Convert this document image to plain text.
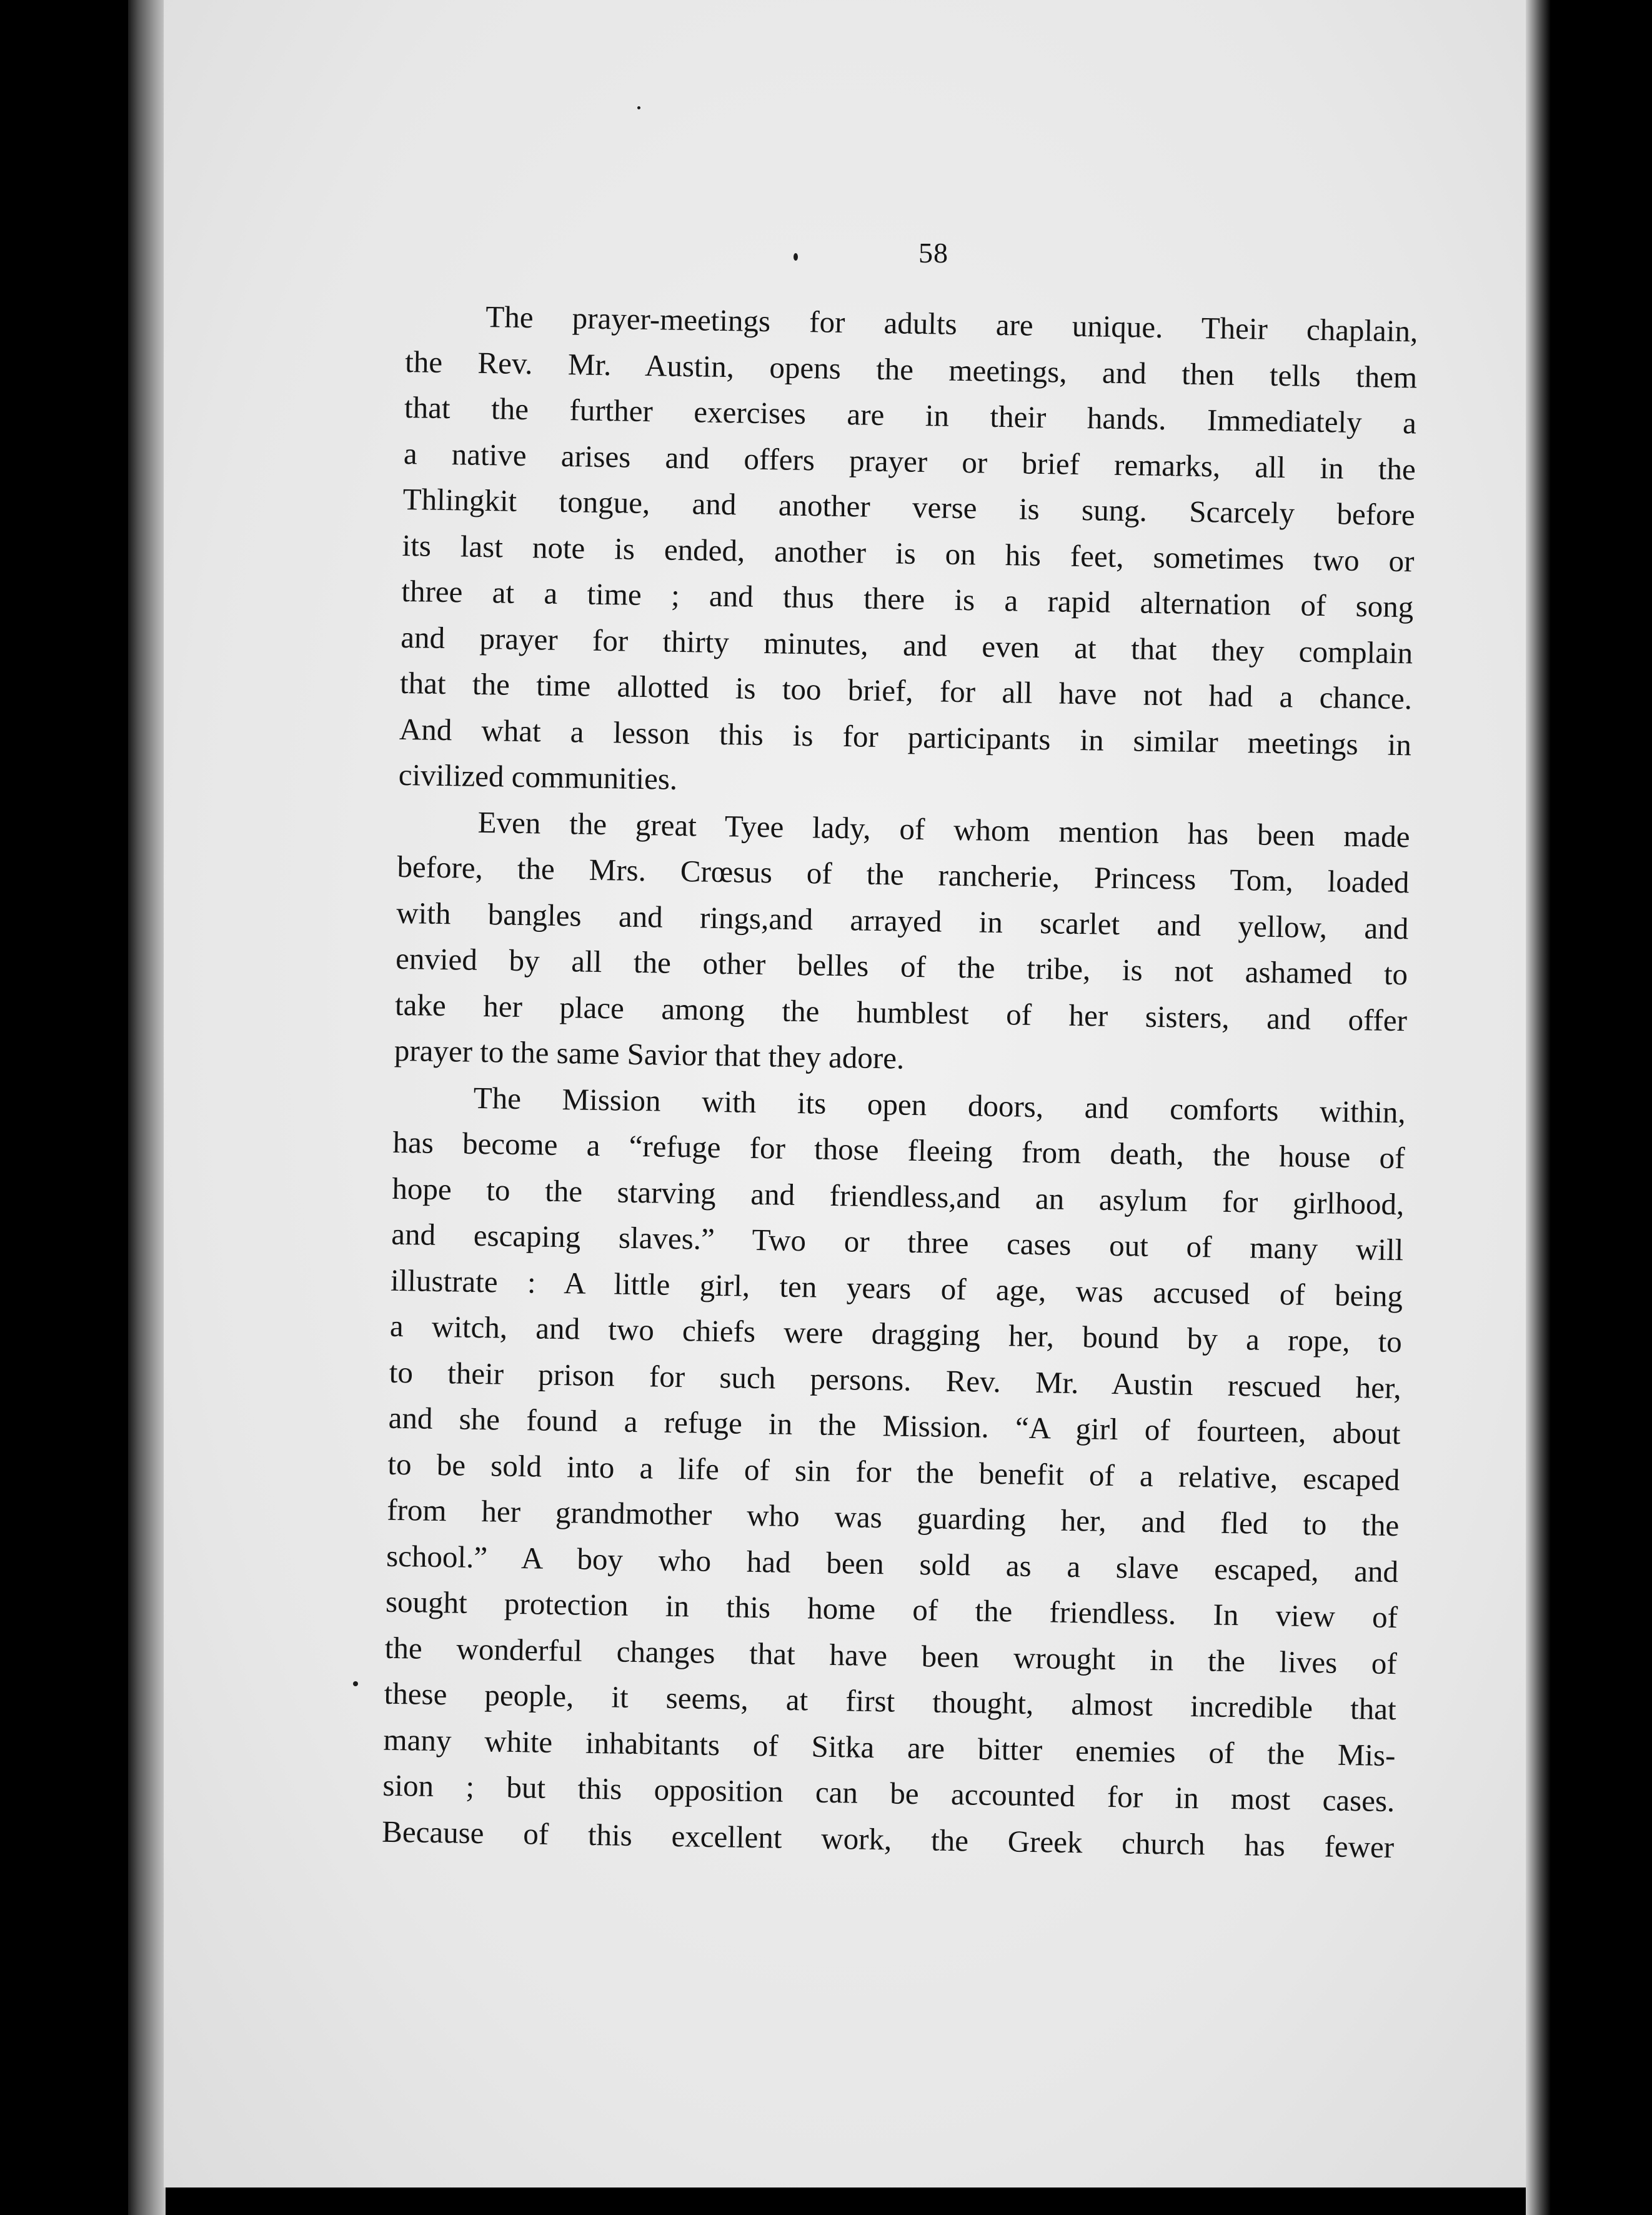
58
The prayer-meetings for adults are unique. Their chaplain,
the Rev. Mr. Austin, opens the meetings, and then tells them
that the further exercises are in their hands. Immediately a
a native arises and offers prayer or brief remarks, all in the
Thlingkit tongue, and another verse is sung. Scarcely before
its last note is ended, another is on his feet, sometimes two or
three at a time ; and thus there is a rapid alternation of song
and prayer for thirty minutes, and even at that they complain
that the time allotted is too brief, for all have not had a chance.
And what a lesson this is for participants in similar meetings in
civilized communities.
Even the great Tyee lady, of whom mention has been made
before, the Mrs. Crœsus of the rancherie, Princess Tom, loaded
with bangles and rings,and arrayed in scarlet and yellow, and
envied by all the other belles of the tribe, is not ashamed to
take her place among the humblest of her sisters, and offer
prayer to the same Savior that they adore.
The Mission with its open doors, and comforts within,
has become a “refuge for those fleeing from death, the house of
hope to the starving and friendless,and an asylum for girlhood,
and escaping slaves.” Two or three cases out of many will
illustrate : A little girl, ten years of age, was accused of being
a witch, and two chiefs were dragging her, bound by a rope, to
to their prison for such persons. Rev. Mr. Austin rescued her,
and she found a refuge in the Mission. “A girl of fourteen, about
to be sold into a life of sin for the benefit of a relative, escaped
from her grandmother who was guarding her, and fled to the
school.” A boy who had been sold as a slave escaped, and
sought protection in this home of the friendless. In view of
the wonderful changes that have been wrought in the lives of
these people, it seems, at first thought, almost incredible that
many white inhabitants of Sitka are bitter enemies of the Mis-
sion ; but this opposition can be accounted for in most cases.
Because of this excellent work, the Greek church has fewer
